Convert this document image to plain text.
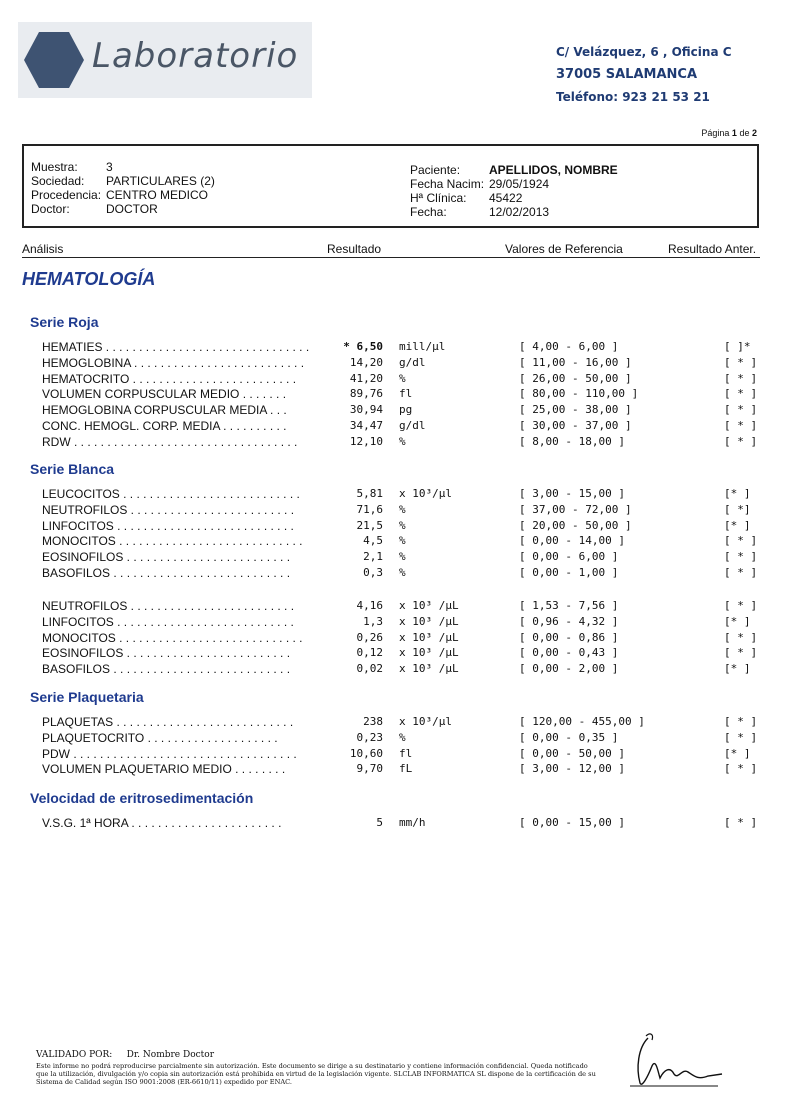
Laboratorio	C/ Velázquez, 6 , Oficina C
37005 SALAMANCA
Teléfono: 923 21 53 21
Página 1 de 2
Muestra: 3
Sociedad: PARTICULARES (2)
Procedencia: CENTRO MEDICO
Doctor:	DOCTOR
Paciente: APELLIDOS, NOMBRE
Fecha Nacim: 29/05/1924
Hª Clínica: 45422
Fecha:	12/02/2013
Análisis	Resultado	Valores de Referencia	Resultado Anter.
HEMATOLOGÍA
Serie Roja
Serie Blanca
Serie Plaquetaria
Velocidad de eritrosedimentación
VALIDADO POR: Dr. Nombre Doctor
Este informe no podrá reproducirse parcialmente sin autorización. Este documento se dirige a su destinatario y contiene información confidencial. Queda notificado que la utilización, divulgación y/o copia sin autorización está prohibida en virtud de la legislación vigente. SLCLAB INFORMATICA SL dispone de la certificación de su Sistema de Calidad según ISO 9001:2008 (ER-6610/11) expedido por ENAC.
HEMATIES . . . . . . . . . . . . . . . . . . . . . . . . . . . . . . .	* 6,50 mill/µl	[ 4,00 - 6,00 ]	[ ]*
HEMOGLOBINA . . . . . . . . . . . . . . . . . . . . . . . . . .	14,20 g/dl	[ 11,00 - 16,00 ]	[ * ]
HEMATOCRITO . . . . . . . . . . . . . . . . . . . . . . . . .	41,20 %	[ 26,00 - 50,00 ]	[ * ]
VOLUMEN CORPUSCULAR MEDIO . . . . . . .	89,76 fl	[ 80,00 - 110,00 ]	[ * ]
HEMOGLOBINA CORPUSCULAR MEDIA . . .	30,94 pg	[ 25,00 - 38,00 ]	[ * ]
CONC. HEMOGL. CORP. MEDIA . . . . . . . . . .	34,47 g/dl	[ 30,00 - 37,00 ]	[ * ]
RDW . . . . . . . . . . . . . . . . . . . . . . . . . . . . . . . . . .	12,10 %	[ 8,00 - 18,00 ]	[ * ]
LEUCOCITOS . . . . . . . . . . . . . . . . . . . . . . . . . . .	5,81 x 10³/µl	[ 3,00 - 15,00 ]	[* ]
NEUTROFILOS . . . . . . . . . . . . . . . . . . . . . . . . .	71,6 %	[ 37,00 - 72,00 ]	[ *]
LINFOCITOS . . . . . . . . . . . . . . . . . . . . . . . . . . .	21,5 %	[ 20,00 - 50,00 ]	[* ]
MONOCITOS . . . . . . . . . . . . . . . . . . . . . . . . . . . .	4,5 %	[ 0,00 - 14,00 ]	[ * ]
EOSINOFILOS . . . . . . . . . . . . . . . . . . . . . . . . .	2,1 %	[ 0,00 - 6,00 ]	[ * ]
BASOFILOS . . . . . . . . . . . . . . . . . . . . . . . . . . .	0,3 %	[ 0,00 - 1,00 ]	[ * ]
NEUTROFILOS . . . . . . . . . . . . . . . . . . . . . . . . .	4,16 x 10³ /µL	[ 1,53 - 7,56 ]	[ * ]
LINFOCITOS . . . . . . . . . . . . . . . . . . . . . . . . . . .	1,3 x 10³ /µL	[ 0,96 - 4,32 ]	[* ]
MONOCITOS . . . . . . . . . . . . . . . . . . . . . . . . . . . .	0,26 x 10³ /µL	[ 0,00 - 0,86 ]	[ * ]
EOSINOFILOS . . . . . . . . . . . . . . . . . . . . . . . . .	0,12 x 10³ /µL	[ 0,00 - 0,43 ]	[ * ]
BASOFILOS . . . . . . . . . . . . . . . . . . . . . . . . . . .	0,02 x 10³ /µL	[ 0,00 - 2,00 ]	[* ]
PLAQUETAS . . . . . . . . . . . . . . . . . . . . . . . . . . .	238 x 10³/µl	[ 120,00 - 455,00 ]	[ * ]
PLAQUETOCRITO . . . . . . . . . . . . . . . . . . . .	0,23 %	[ 0,00 - 0,35 ]	[ * ]
PDW . . . . . . . . . . . . . . . . . . . . . . . . . . . . . . . . . .	10,60 fl	[ 0,00 - 50,00 ]	[* ]
VOLUMEN PLAQUETARIO MEDIO . . . . . . . .	9,70 fL	[ 3,00 - 12,00 ]	[ * ]
V.S.G. 1ª HORA . . . . . . . . . . . . . . . . . . . . . . .	5 mm/h	[ 0,00 - 15,00 ]	[ * ]
